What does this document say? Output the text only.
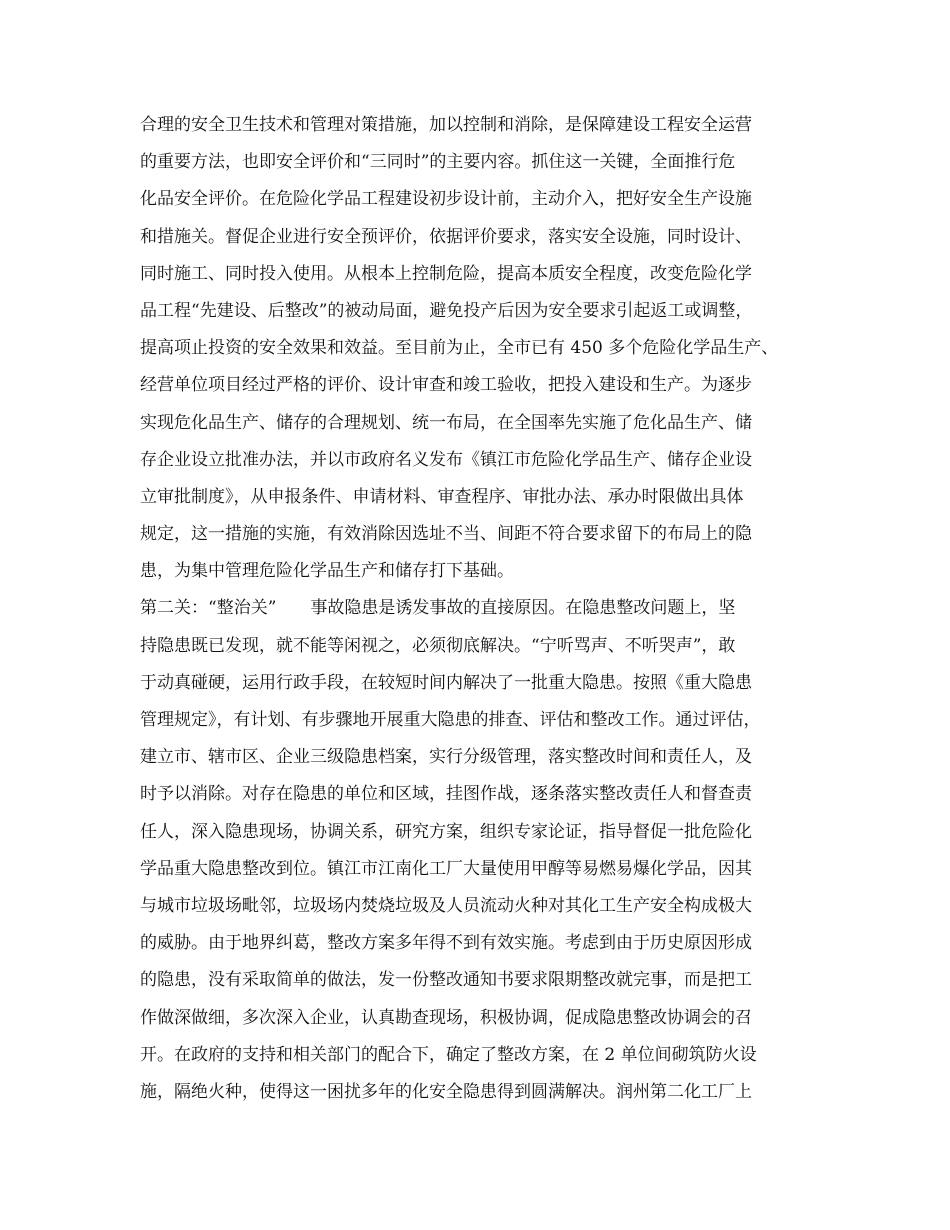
合理的安全卫生技术和管理对策措施，加以控制和消除，是保障建设工程安全运营
的重要方法，也即安全评价和“三同时”的主要内容。抓住这一关键，全面推行危
化品安全评价。在危险化学品工程建设初步设计前，主动介入，把好安全生产设施
和措施关。督促企业进行安全预评价，依据评价要求，落实安全设施，同时设计、
同时施工、同时投入使用。从根本上控制危险，提高本质安全程度，改变危险化学
品工程“先建设、后整改”的被动局面，避免投产后因为安全要求引起返工或调整，
提高项止投资的安全效果和效益。至目前为止，全市已有 450 多个危险化学品生产、
经营单位项目经过严格的评价、设计审查和竣工验收，把投入建设和生产。为逐步
实现危化品生产、储存的合理规划、统一布局，在全国率先实施了危化品生产、储
存企业设立批准办法，并以市政府名义发布《镇江市危险化学品生产、储存企业设
立审批制度》，从申报条件、申请材料、审查程序、审批办法、承办时限做出具体
规定，这一措施的实施，有效消除因选址不当、间距不符合要求留下的布局上的隐
患，为集中管理危险化学品生产和储存打下基础。
第二关：“整治关”　　事故隐患是诱发事故的直接原因。在隐患整改问题上，坚
持隐患既已发现，就不能等闲视之，必须彻底解决。“宁听骂声、不听哭声”，敢
于动真碰硬，运用行政手段，在较短时间内解决了一批重大隐患。按照《重大隐患
管理规定》，有计划、有步骤地开展重大隐患的排查、评估和整改工作。通过评估，
建立市、辖市区、企业三级隐患档案，实行分级管理，落实整改时间和责任人，及
时予以消除。对存在隐患的单位和区域，挂图作战，逐条落实整改责任人和督查责
任人，深入隐患现场，协调关系，研究方案，组织专家论证，指导督促一批危险化
学品重大隐患整改到位。镇江市江南化工厂大量使用甲醇等易燃易爆化学品，因其
与城市垃圾场毗邻，垃圾场内焚烧垃圾及人员流动火种对其化工生产安全构成极大
的威胁。由于地界纠葛，整改方案多年得不到有效实施。考虑到由于历史原因形成
的隐患，没有采取简单的做法，发一份整改通知书要求限期整改就完事，而是把工
作做深做细，多次深入企业，认真勘查现场，积极协调，促成隐患整改协调会的召
开。在政府的支持和相关部门的配合下，确定了整改方案，在 2 单位间砌筑防火设
施，隔绝火种，使得这一困扰多年的化安全隐患得到圆满解决。润州第二化工厂上
